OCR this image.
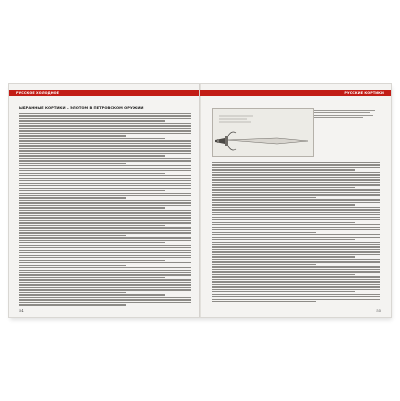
РУССКОЕ ХОЛОДНОЕ
ЫБРАННЫЕ КОРТИКИ – ЭЛОТОМ В ПЕТРОВСКОМ ОРУЖИИ
54
РУССКИЕ КОРТИКИ
55
